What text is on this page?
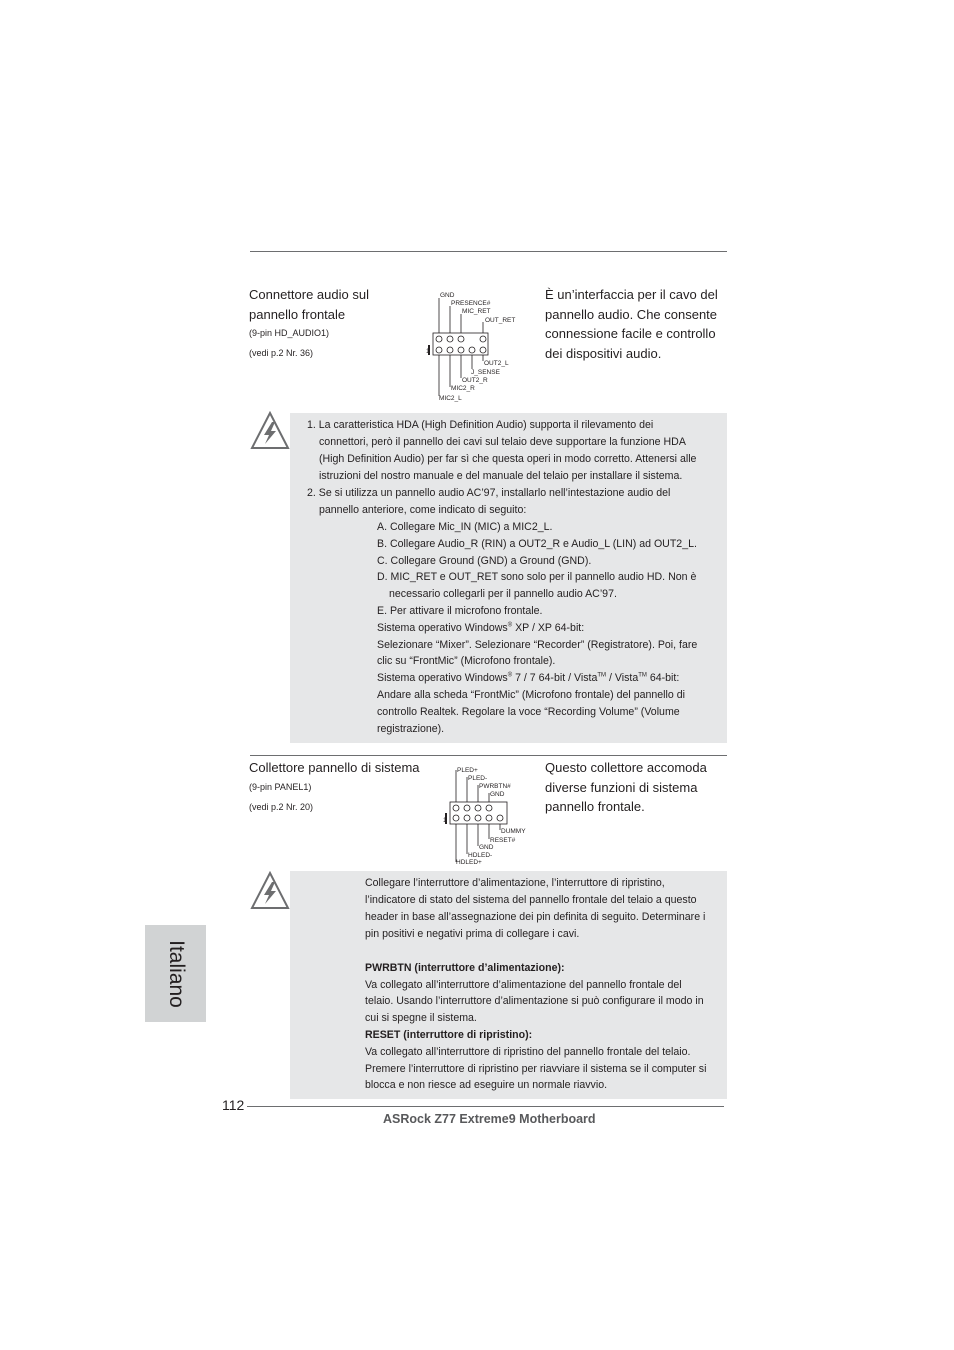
Connettore audio sul
pannello frontale
(9-pin HD_AUDIO1)
(vedi p.2 Nr. 36)
GND
PRESENCE#
MIC_RET
OUT_RET
OUT2_L
J_SENSE
OUT2_R
MIC2_R
MIC2_L
1
È un’interfaccia per il cavo del
pannello audio. Che consente
connessione facile e controllo
dei dispositivi audio.
1. La caratteristica HDA (High Definition Audio) supporta il rilevamento dei
connettori, però il pannello dei cavi sul telaio deve supportare la funzione HDA
(High Definition Audio) per far sì che questa operi in modo corretto. Attenersi alle
istruzioni del nostro manuale e del manuale del telaio per installare il sistema.
2. Se si utilizza un pannello audio AC’97, installarlo nell’intestazione audio del
pannello anteriore, come indicato di seguito:
A. Collegare Mic_IN (MIC) a MIC2_L.
B. Collegare Audio_R (RIN) a OUT2_R e Audio_L (LIN) ad OUT2_L.
C. Collegare Ground (GND) a Ground (GND).
D. MIC_RET e OUT_RET sono solo per il pannello audio HD. Non è
necessario collegarli per il pannello audio AC’97.
E. Per attivare il microfono frontale.
Sistema operativo Windows® XP / XP 64-bit:
Selezionare “Mixer”. Selezionare “Recorder” (Registratore). Poi, fare
clic su “FrontMic” (Microfono frontale).
Sistema operativo Windows® 7 / 7 64-bit / Vista™ / Vista™ 64-bit:
Andare alla scheda “FrontMic” (Microfono frontale) del pannello di
controllo Realtek. Regolare la voce “Recording Volume” (Volume
registrazione).
Collettore pannello di sistema
(9-pin PANEL1)
(vedi p.2 Nr. 20)
PLED+
PLED-
PWRBTN#
GND
DUMMY
RESET#
GND
HDLED-
HDLED+
1
Questo collettore accomoda
diverse funzioni di sistema
pannello frontale.
Collegare l’interruttore d’alimentazione, l’interruttore di ripristino,
l’indicatore di stato del sistema del pannello frontale del telaio a questo
header in base all’assegnazione dei pin definita di seguito. Determinare i
pin positivi e negativi prima di collegare i cavi.
PWRBTN (interruttore d’alimentazione):
Va collegato all’interruttore d’alimentazione del pannello frontale del
telaio. Usando l’interruttore d’alimentazione si può configurare il modo in
cui si spegne il sistema.
RESET (interruttore di ripristino):
Va collegato all’interruttore di ripristino del pannello frontale del telaio.
Premere l’interruttore di ripristino per riavviare il sistema se il computer si
blocca e non riesce ad eseguire un normale riavvio.
Italiano
112
ASRock Z77 Extreme9 Motherboard
